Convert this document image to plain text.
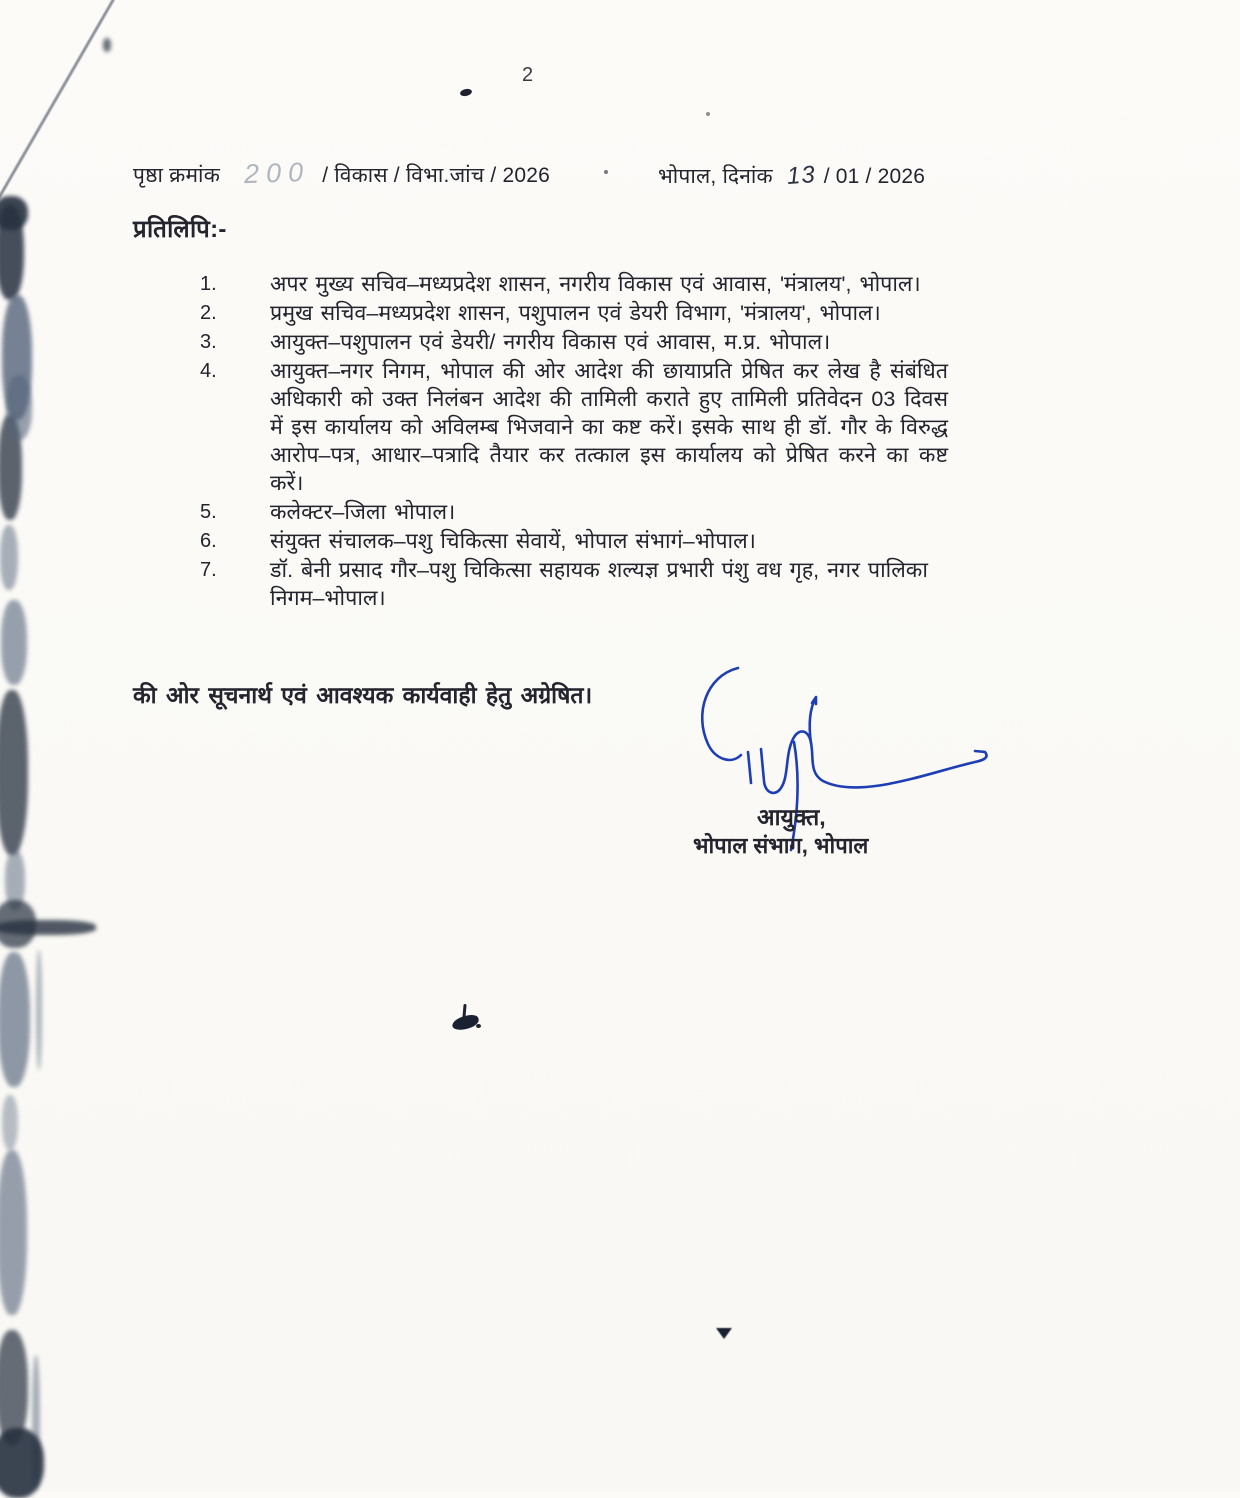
2
पृष्ठा क्रमांक 200 / विकास / विभा.जांच / 2026	भोपाल, दिनांक 13 / 01 / 2026
प्रतिलिपि:-
1.	अपर मुख्य सचिव–मध्यप्रदेश शासन, नगरीय विकास एवं आवास, 'मंत्रालय', भोपाल।
2.	प्रमुख सचिव–मध्यप्रदेश शासन, पशुपालन एवं डेयरी विभाग, 'मंत्रालय', भोपाल।
3.	आयुक्त–पशुपालन एवं डेयरी/ नगरीय विकास एवं आवास, म.प्र. भोपाल।
4.	आयुक्त–नगर निगम, भोपाल की ओर आदेश की छायाप्रति प्रेषित कर लेख है संबंधित अधिकारी को उक्त निलंबन आदेश की तामिली कराते हुए तामिली प्रतिवेदन 03 दिवस में इस कार्यालय को अविलम्ब भिजवाने का कष्ट करें। इसके साथ ही डॉ. गौर के विरुद्ध आरोप–पत्र, आधार–पत्रादि तैयार कर तत्काल इस कार्यालय को प्रेषित करने का कष्ट करें।
5.	कलेक्टर–जिला भोपाल।
6.	संयुक्त संचालक–पशु चिकित्सा सेवायें, भोपाल संभागं–भोपाल।
7.	डॉ. बेनी प्रसाद गौर–पशु चिकित्सा सहायक शल्यज्ञ प्रभारी पंशु वध गृह, नगर पालिका निगम–भोपाल।
की ओर सूचनार्थ एवं आवश्यक कार्यवाही हेतु अग्रेषित।
आयुक्त,
भोपाल संभाग, भोपाल
